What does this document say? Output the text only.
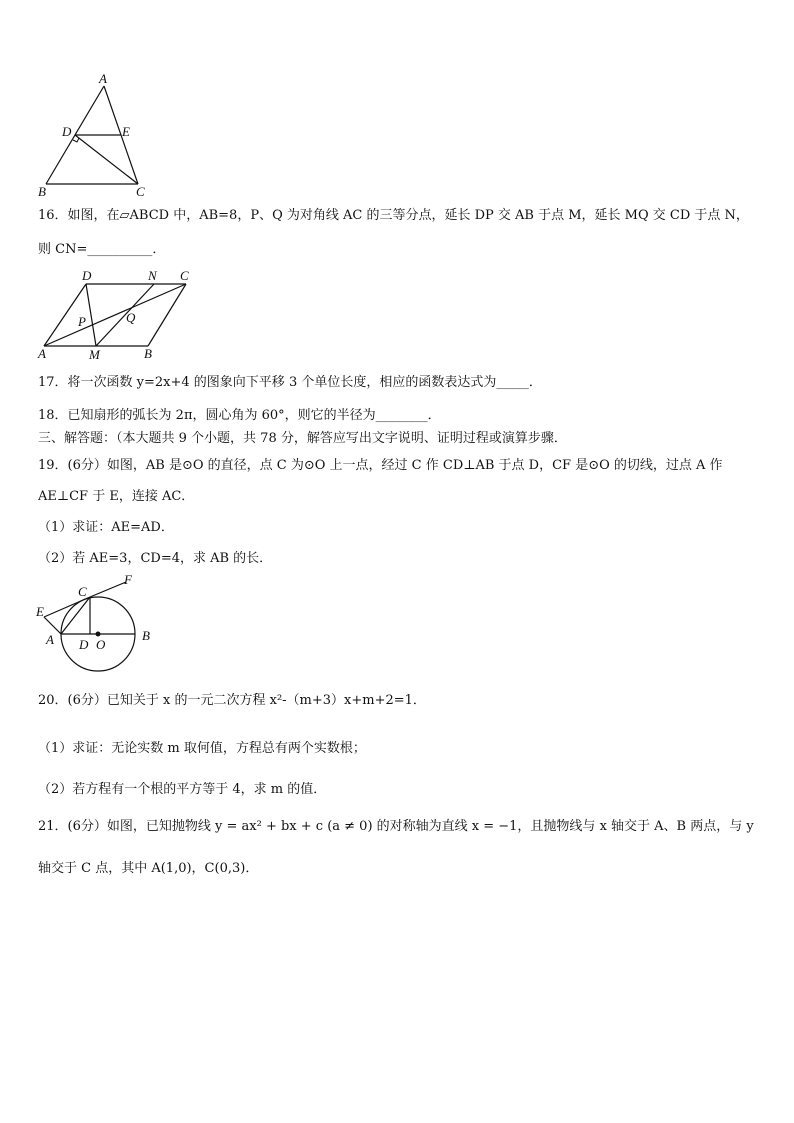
A
D	E
B	C
16．如图，在▱ABCD 中，AB=8，P、Q 为对角线 AC 的三等分点，延长 DP 交 AB 于点 M，延长 MQ 交 CD 于点 N，
则 CN=__________．
D	N C
P	Q
A	M	B
17．将一次函数 y=2x+4 的图象向下平移 3 个单位长度，相应的函数表达式为_____．
18．已知扇形的弧长为 2π，圆心角为 60°，则它的半径为________．
三、解答题：（本大题共 9 个小题，共 78 分，解答应写出文字说明、证明过程或演算步骤．
19．(6分）如图，AB 是⊙O 的直径，点 C 为⊙O 上一点，经过 C 作 CD⊥AB 于点 D，CF 是⊙O 的切线，过点 A 作
AE⊥CF 于 E，连接 AC．
（1）求证：AE=AD．
（2）若 AE=3，CD=4，求 AB 的长．
E
C
F
A D O
B
20．(6分）已知关于 x 的一元二次方程 x²-（m+3）x+m+2=1．
（1）求证：无论实数 m 取何值，方程总有两个实数根；
（2）若方程有一个根的平方等于 4，求 m 的值．
21．(6分）如图，已知抛物线 y = ax² + bx + c (a ≠ 0) 的对称轴为直线 x = −1，且抛物线与 x 轴交于 A、B 两点，与 y
轴交于 C 点，其中 A(1,0)，C(0,3)．
